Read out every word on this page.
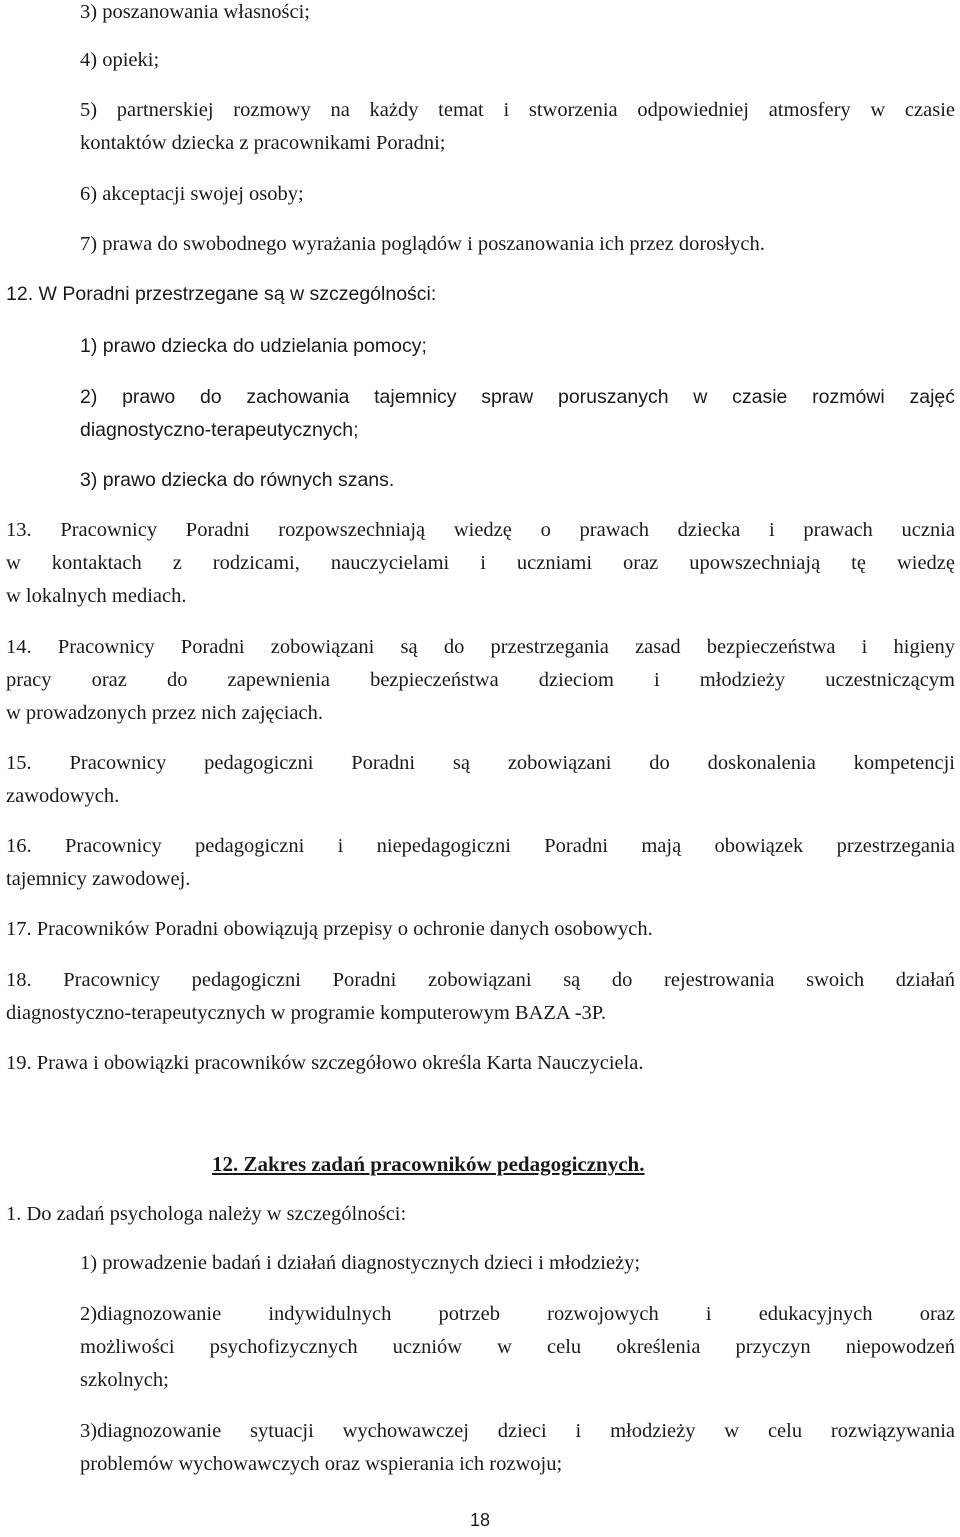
3) poszanowania własności;

4) opieki;

5) partnerskiej rozmowy na każdy temat i stworzenia odpowiedniej atmosfery w czasie

kontaktów dziecka z pracownikami Poradni;

6) akceptacji swojej osoby;

7) prawa do swobodnego wyrażania poglądów i poszanowania ich przez dorosłych.

12. W Poradni przestrzegane są w szczególności:

1) prawo dziecka do udzielania pomocy;

2) prawo do zachowania tajemnicy spraw poruszanych w czasie rozmówi zajęć

diagnostyczno-terapeutycznych;

3) prawo dziecka do równych szans.

13. Pracownicy Poradni rozpowszechniają wiedzę o prawach dziecka i prawach ucznia

w kontaktach z rodzicami, nauczycielami i uczniami oraz upowszechniają tę wiedzę

w lokalnych mediach.

14. Pracownicy Poradni zobowiązani są do przestrzegania zasad bezpieczeństwa i higieny

pracy oraz do zapewnienia bezpieczeństwa dzieciom i młodzieży uczestniczącym

w prowadzonych przez nich zajęciach.

15. Pracownicy pedagogiczni Poradni są zobowiązani do doskonalenia kompetencji

zawodowych.

16. Pracownicy pedagogiczni i niepedagogiczni Poradni mają obowiązek przestrzegania

tajemnicy zawodowej.

17. Pracowników Poradni obowiązują przepisy o ochronie danych osobowych.

18. Pracownicy pedagogiczni Poradni zobowiązani są do rejestrowania swoich działań

diagnostyczno-terapeutycznych w programie komputerowym BAZA -3P.

19. Prawa i obowiązki pracowników szczegółowo określa Karta Nauczyciela.

12. Zakres zadań pracowników pedagogicznych.

1. Do zadań psychologa należy w szczególności:

1) prowadzenie badań i działań diagnostycznych dzieci i młodzieży;

2)diagnozowanie indywidulnych potrzeb rozwojowych i edukacyjnych oraz

możliwości psychofizycznych uczniów w celu określenia przyczyn niepowodzeń

szkolnych;

3)diagnozowanie sytuacji wychowawczej dzieci i młodzieży w celu rozwiązywania

problemów wychowawczych oraz wspierania ich rozwoju;

18
